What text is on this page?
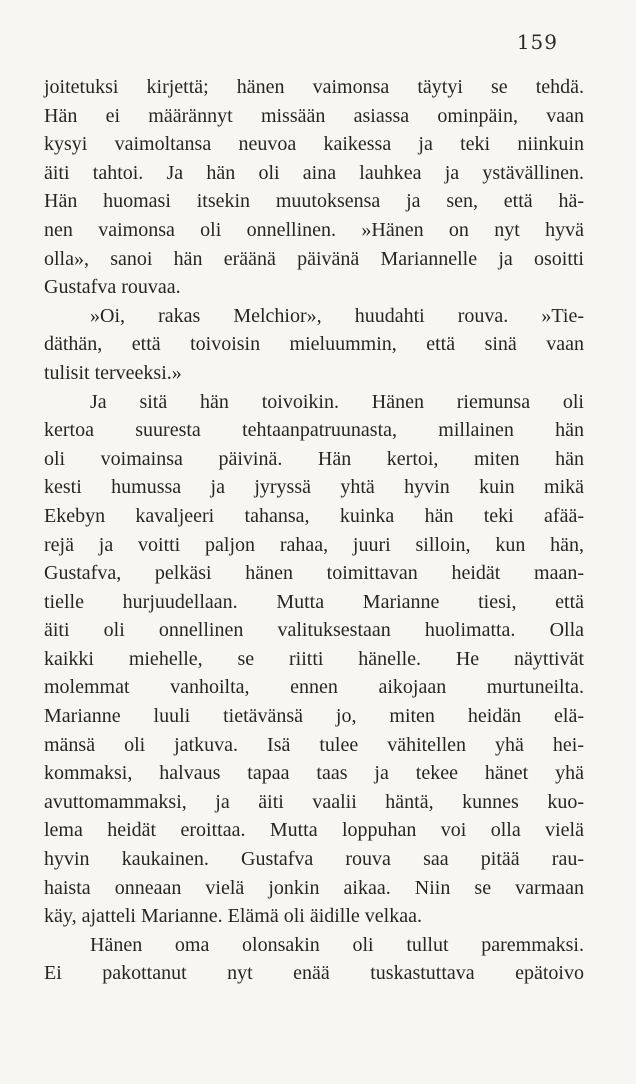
159
joitetuksi kirjettä; hänen vaimonsa täytyi se tehdä.
Hän ei määrännyt missään asiassa ominpäin, vaan
kysyi vaimoltansa neuvoa kaikessa ja teki niinkuin
äiti tahtoi. Ja hän oli aina lauhkea ja ystävällinen.
Hän huomasi itsekin muutoksensa ja sen, että hä-
nen vaimonsa oli onnellinen. »Hänen on nyt hyvä
olla», sanoi hän eräänä päivänä Mariannelle ja osoitti
Gustafva rouvaa.
»Oi, rakas Melchior», huudahti rouva. »Tie-
däthän, että toivoisin mieluummin, että sinä vaan
tulisit terveeksi.»
Ja sitä hän toivoikin. Hänen riemunsa oli
kertoa suuresta tehtaanpatruunasta, millainen hän
oli voimainsa päivinä. Hän kertoi, miten hän
kesti humussa ja jyryssä yhtä hyvin kuin mikä
Ekebyn kavaljeeri tahansa, kuinka hän teki afää-
rejä ja voitti paljon rahaa, juuri silloin, kun hän,
Gustafva, pelkäsi hänen toimittavan heidät maan-
tielle hurjuudellaan. Mutta Marianne tiesi, että
äiti oli onnellinen valituksestaan huolimatta. Olla
kaikki miehelle, se riitti hänelle. He näyttivät
molemmat vanhoilta, ennen aikojaan murtuneilta.
Marianne luuli tietävänsä jo, miten heidän elä-
mänsä oli jatkuva. Isä tulee vähitellen yhä hei-
kommaksi, halvaus tapaa taas ja tekee hänet yhä
avuttomammaksi, ja äiti vaalii häntä, kunnes kuo-
lema heidät eroittaa. Mutta loppuhan voi olla vielä
hyvin kaukainen. Gustafva rouva saa pitää rau-
haista onneaan vielä jonkin aikaa. Niin se varmaan
käy, ajatteli Marianne. Elämä oli äidille velkaa.
Hänen oma olonsakin oli tullut paremmaksi.
Ei pakottanut nyt enää tuskastuttava epätoivo
